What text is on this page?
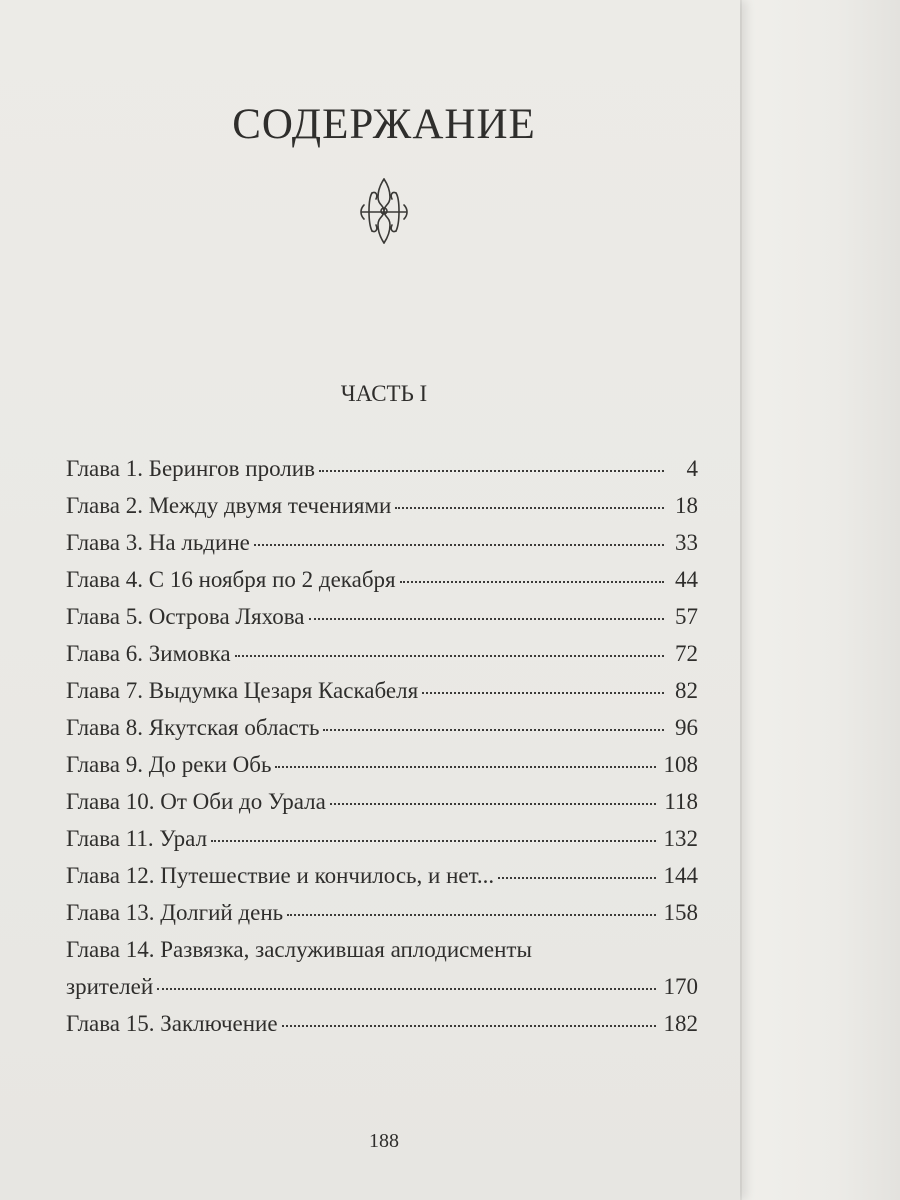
СОДЕРЖАНИЕ
ЧАСТЬ I
Глава 1. Берингов пролив	4
Глава 2. Между двумя течениями	18
Глава 3. На льдине	33
Глава 4. С 16 ноября по 2 декабря	44
Глава 5. Острова Ляхова	57
Глава 6. Зимовка	72
Глава 7. Выдумка Цезаря Каскабеля	82
Глава 8. Якутская область	96
Глава 9. До реки Обь	108
Глава 10. От Оби до Урала	118
Глава 11. Урал	132
Глава 12. Путешествие и кончилось, и нет...	144
Глава 13. Долгий день	158
Глава 14. Развязка, заслужившая аплодисменты
зрителей	170
Глава 15. Заключение	182
188
